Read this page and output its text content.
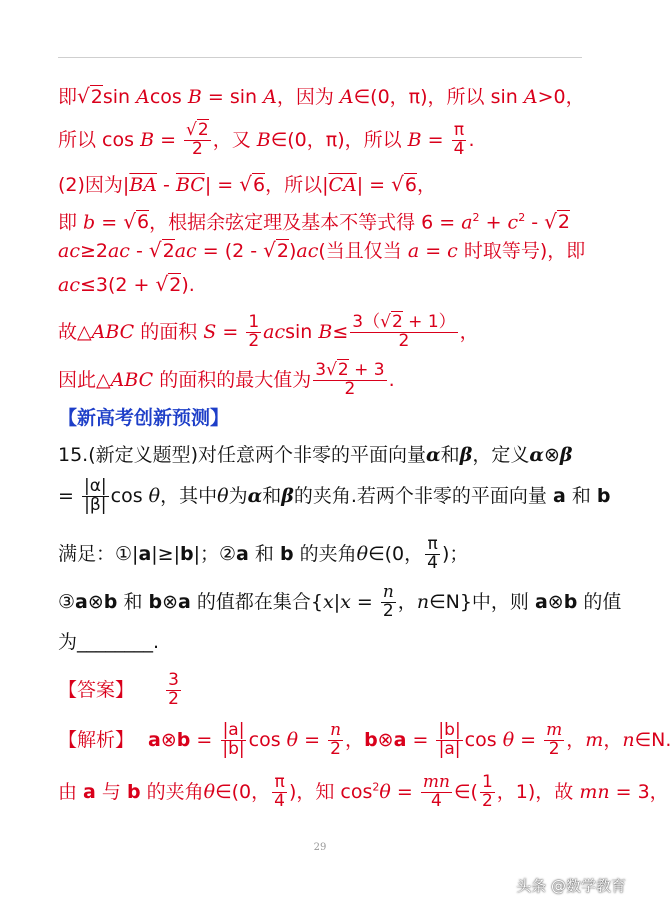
即√2sin Acos B = sin A，因为 A∈(0，π)，所以 sin A>0，
所以 $\cos B = \frac{√2}{2}$ ，又 B∈(0，π)，所以 $B = \frac{\pi}{4}$ .
(2)因为$|\overline{BA} - \overline{BC}| = √6$，所以$|\overline{CA}| = √6$，
即 b = √6，根据余弦定理及基本不等式得 $6 = a^2 + c^2 - √2$
ac≥2ac - √2ac = (2 - √2)ac(当且仅当 a = c 时取等号)，即
ac≤3(2 + √2).
故△ABC 的面积 $S = \frac{1}{2}$ acsin $B\le \frac{3(√2 + 1)}{2}$ ，
因此△ABC 的面积的最大值为 $\frac{3√2 + 3}{2}$ .
【新高考创新预测】
15.(新定义题型)对任意两个非零的平面向量α和β，定义α⊗β
= $\frac{|\alpha|}{|\beta|}$ cos θ，其中θ为α和β的夹角.若两个非零的平面向量 a 和 b
满足：①|a|≥|b|；②a 和 b 的夹角θ∈(0， $\frac{\pi}{4}$ )；
③a⊗b 和 b⊗a 的值都在集合{$x|x = \frac{n}{2}$ ，n∈N}中，则 a⊗b 的值
为________.
【答案】 $\frac{3}{2}$
【解析】 a⊗b = $\frac{|a|}{|b|}$ $\cos \theta = \frac{n}{2}$ ，b⊗a = $\frac{|b|}{|a|}$ $\cos \theta = \frac{m}{2}$ ，m，n∈N.
由 a 与 b 的夹角θ∈(0， $\frac{\pi}{4}$ )，知 $\cos^2\theta = \frac{mn}{4}$ ∈( $\frac{1}{2}$ ，1)，故 mn = 3，
29
头条 @数学教育
